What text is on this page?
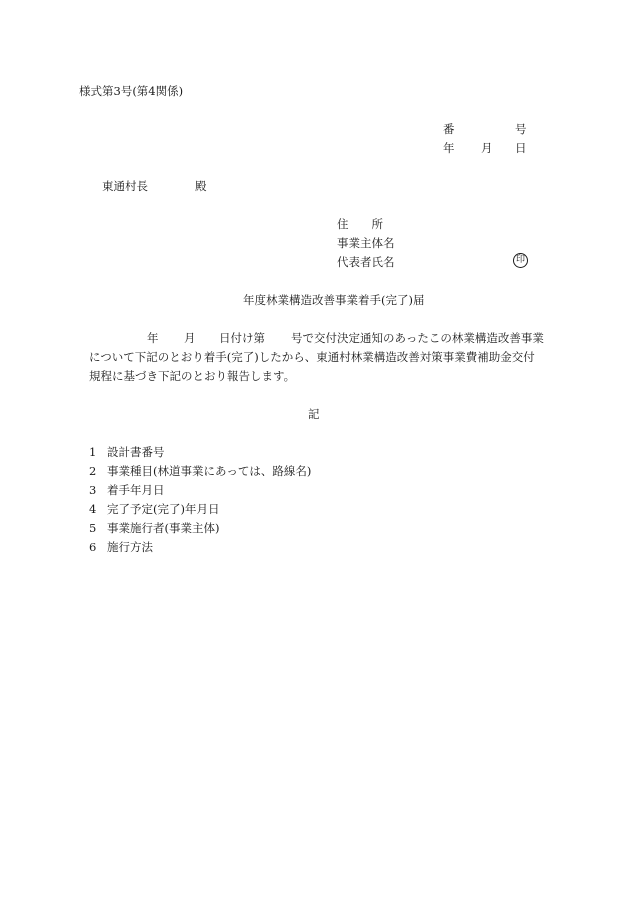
様式第3号(第4関係)
番	号
年 月 日
東通村長	殿
住　　所
事業主体名
代表者氏名	印
年度林業構造改善事業着手(完了)届
年 月 日付け第 号で交付決定通知のあったこの林業構造改善事業
について下記のとおり着手(完了)したから、東通村林業構造改善対策事業費補助金交付
規程に基づき下記のとおり報告します。
記
1 設計書番号
2 事業種目(林道事業にあっては、路線名)
3 着手年月日
4 完了予定(完了)年月日
5 事業施行者(事業主体)
6 施行方法
